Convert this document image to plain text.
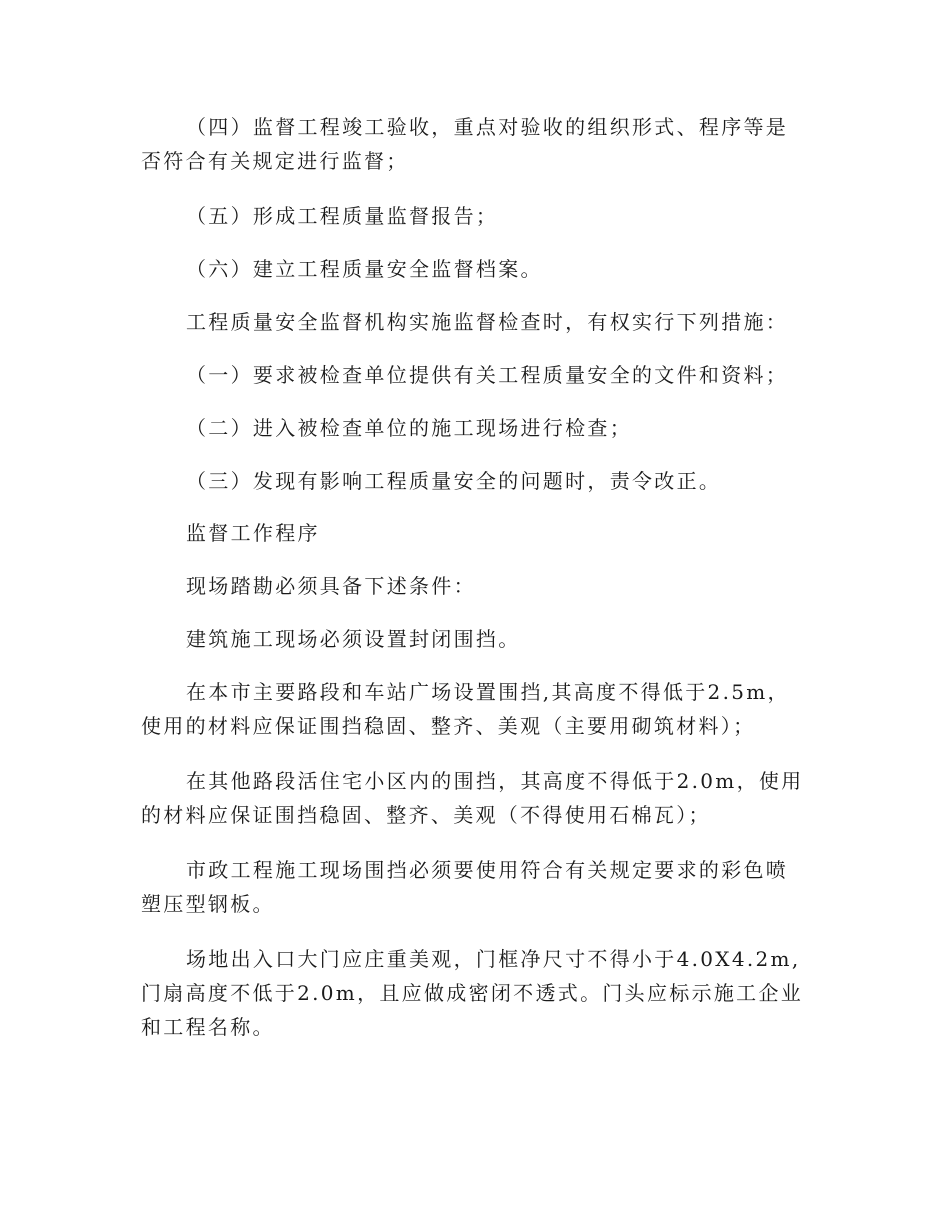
（四）监督工程竣工验收，重点对验收的组织形式、程序等是否符合有关规定进行监督；

（五）形成工程质量监督报告；

（六）建立工程质量安全监督档案。

工程质量安全监督机构实施监督检查时，有权实行下列措施：

（一）要求被检查单位提供有关工程质量安全的文件和资料；

（二）进入被检查单位的施工现场进行检查；

（三）发现有影响工程质量安全的问题时，责令改正。

监督工作程序

现场踏勘必须具备下述条件：

建筑施工现场必须设置封闭围挡。

在本市主要路段和车站广场设置围挡,其高度不得低于2.5m，使用的材料应保证围挡稳固、整齐、美观（主要用砌筑材料）；

在其他路段活住宅小区内的围挡，其高度不得低于2.0m，使用的材料应保证围挡稳固、整齐、美观（不得使用石棉瓦）；

市政工程施工现场围挡必须要使用符合有关规定要求的彩色喷塑压型钢板。

场地出入口大门应庄重美观，门框净尺寸不得小于4.0X4.2m,门扇高度不低于2.0m，且应做成密闭不透式。门头应标示施工企业和工程名称。
